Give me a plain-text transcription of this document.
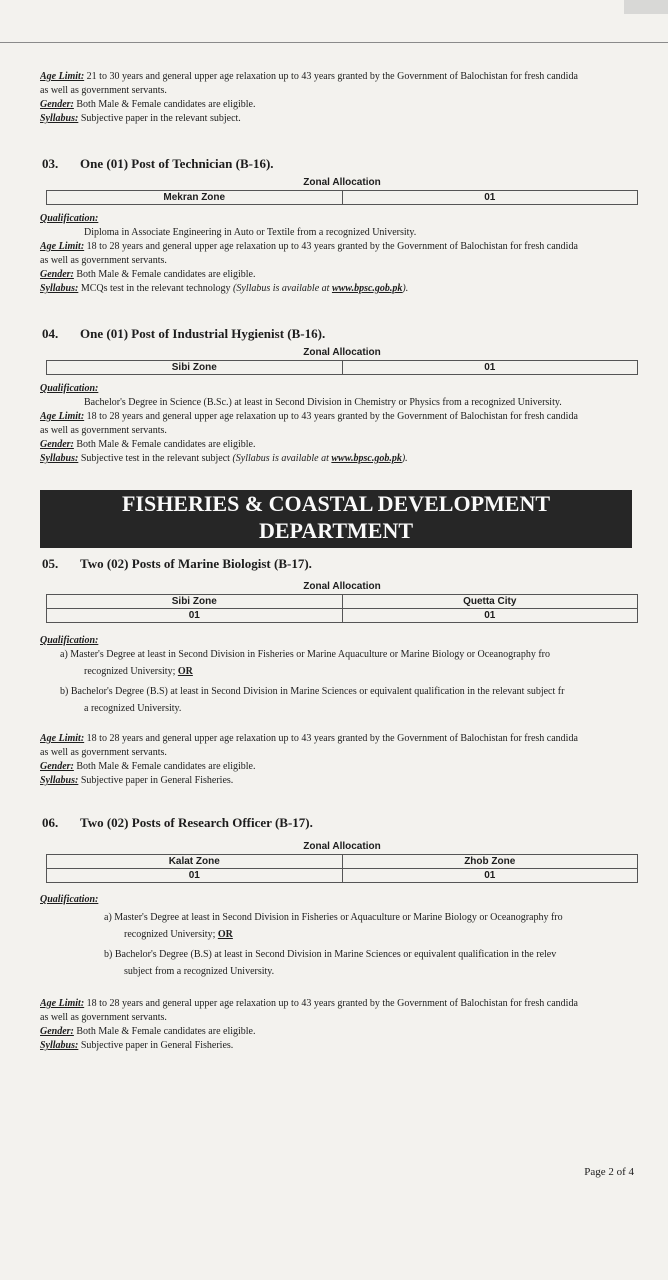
Age Limit: 21 to 30 years and general upper age relaxation up to 43 years granted by the Government of Balochistan for fresh candida
as well as government servants.
Gender: Both Male & Female candidates are eligible.
Syllabus: Subjective paper in the relevant subject.
03. One (01) Post of Technician (B-16).
Zonal Allocation
Mekran Zone	01
Qualification:
Diploma in Associate Engineering in Auto or Textile from a recognized University.
Age Limit: 18 to 28 years and general upper age relaxation up to 43 years granted by the Government of Balochistan for fresh candida
as well as government servants.
Gender: Both Male & Female candidates are eligible.
Syllabus: MCQs test in the relevant technology (Syllabus is available at www.bpsc.gob.pk).
04. One (01) Post of Industrial Hygienist (B-16).
Zonal Allocation
Sibi Zone	01
Qualification:
Bachelor's Degree in Science (B.Sc.) at least in Second Division in Chemistry or Physics from a recognized University.
Age Limit: 18 to 28 years and general upper age relaxation up to 43 years granted by the Government of Balochistan for fresh candida
as well as government servants.
Gender: Both Male & Female candidates are eligible.
Syllabus: Subjective test in the relevant subject (Syllabus is available at www.bpsc.gob.pk).
FISHERIES & COASTAL DEVELOPMENT
DEPARTMENT
05. Two (02) Posts of Marine Biologist (B-17).
Zonal Allocation
Sibi Zone	Quetta City
01	01
Qualification:
a) Master's Degree at least in Second Division in Fisheries or Marine Aquaculture or Marine Biology or Oceanography fro
recognized University; OR
b) Bachelor's Degree (B.S) at least in Second Division in Marine Sciences or equivalent qualification in the relevant subject fr
a recognized University.
Age Limit: 18 to 28 years and general upper age relaxation up to 43 years granted by the Government of Balochistan for fresh candida
as well as government servants.
Gender: Both Male & Female candidates are eligible.
Syllabus: Subjective paper in General Fisheries.
06. Two (02) Posts of Research Officer (B-17).
Zonal Allocation
Kalat Zone	Zhob Zone
01	01
Qualification:
a) Master's Degree at least in Second Division in Fisheries or Aquaculture or Marine Biology or Oceanography fro
recognized University; OR
b) Bachelor's Degree (B.S) at least in Second Division in Marine Sciences or equivalent qualification in the relev
subject from a recognized University.
Age Limit: 18 to 28 years and general upper age relaxation up to 43 years granted by the Government of Balochistan for fresh candida
as well as government servants.
Gender: Both Male & Female candidates are eligible.
Syllabus: Subjective paper in General Fisheries.
Page 2 of 4
